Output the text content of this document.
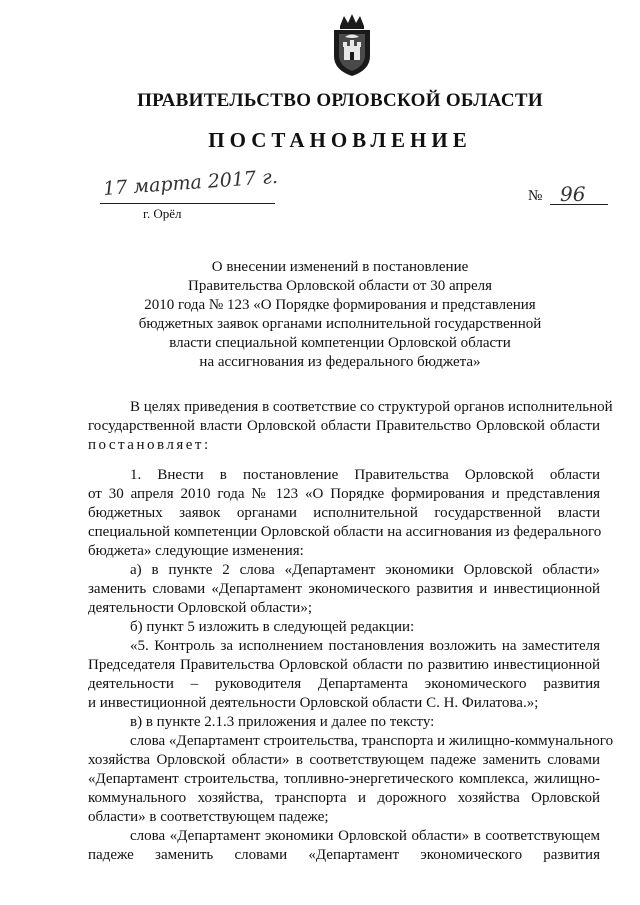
ПРАВИТЕЛЬСТВО ОРЛОВСКОЙ ОБЛАСТИ
ПОСТАНОВЛЕНИЕ
17 марта 2017 г.
г. Орёл
№ 96
О внесении изменений в постановление
Правительства Орловской области от 30 апреля
2010 года № 123 «О Порядке формирования и представления
бюджетных заявок органами исполнительной государственной
власти специальной компетенции Орловской области
на ассигнования из федерального бюджета»
В целях приведения в соответствие со структурой органов исполнительной
государственной власти Орловской области Правительство Орловской области
постановляет:
1. Внести в постановление Правительства Орловской области
от 30 апреля 2010 года № 123 «О Порядке формирования и представления
бюджетных заявок органами исполнительной государственной власти
специальной компетенции Орловской области на ассигнования из федерального
бюджета» следующие изменения:
а) в пункте 2 слова «Департамент экономики Орловской области»
заменить словами «Департамент экономического развития и инвестиционной
деятельности Орловской области»;
б) пункт 5 изложить в следующей редакции:
«5. Контроль за исполнением постановления возложить на заместителя
Председателя Правительства Орловской области по развитию инвестиционной
деятельности – руководителя Департамента экономического развития
и инвестиционной деятельности Орловской области С. Н. Филатова.»;
в) в пункте 2.1.3 приложения и далее по тексту:
слова «Департамент строительства, транспорта и жилищно-коммунального
хозяйства Орловской области» в соответствующем падеже заменить словами
«Департамент строительства, топливно-энергетического комплекса, жилищно-
коммунального хозяйства, транспорта и дорожного хозяйства Орловской
области» в соответствующем падеже;
слова «Департамент экономики Орловской области» в соответствующем
падеже заменить словами «Департамент экономического развития
